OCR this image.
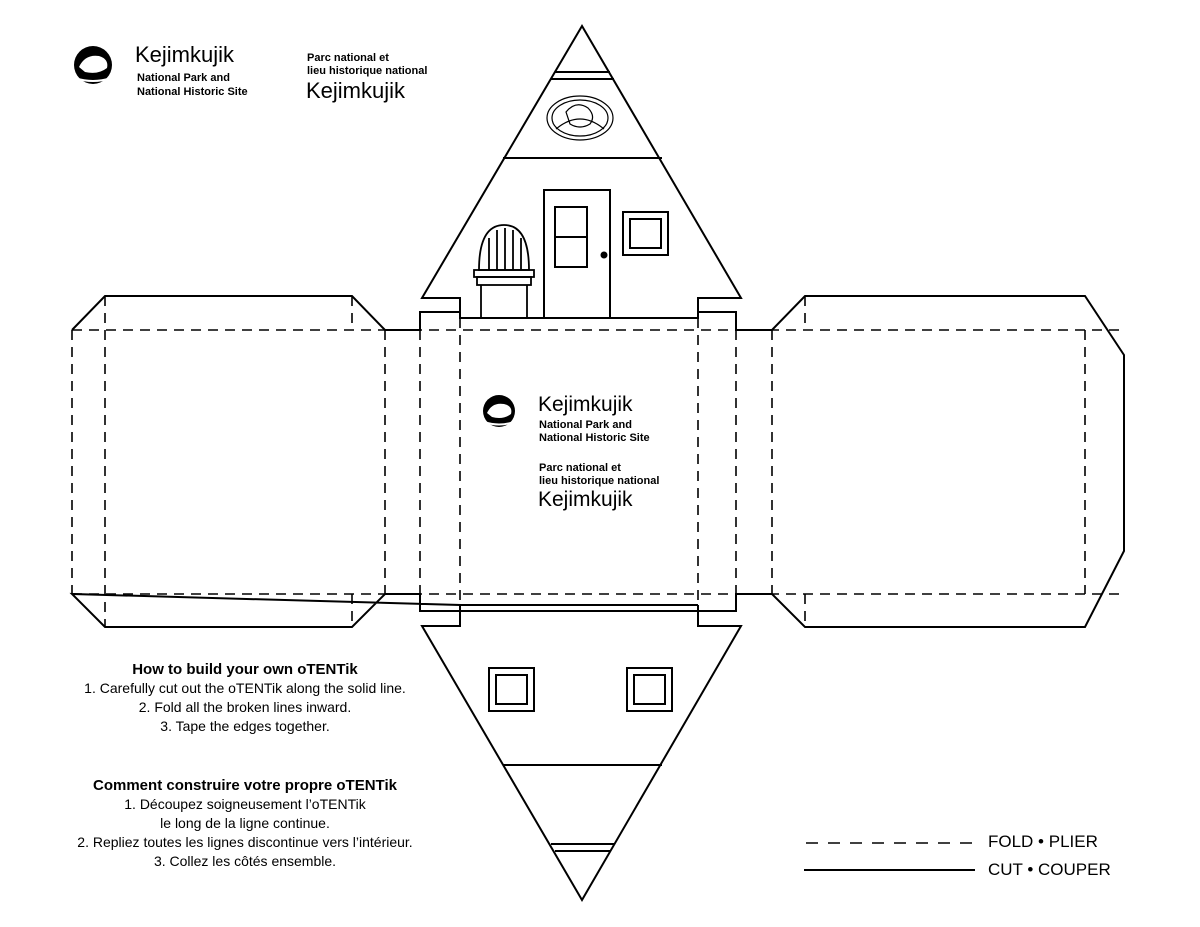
Kejimkujik
National Park and
National Historic Site
Parc national et
lieu historique national
Kejimkujik
Kejimkujik
National Park and
National Historic Site
Parc national et
lieu historique national
Kejimkujik
How to build your own oTENTik
1. Carefully cut out the oTENTik along the solid line.
2. Fold all the broken lines inward.
3. Tape the edges together.
Comment construire votre propre oTENTik
1. Découpez soigneusement l’oTENTik
le long de la ligne continue.
2. Repliez toutes les lignes discontinue vers l’intérieur.
3. Collez les côtés ensemble.
FOLD • PLIER
CUT • COUPER
